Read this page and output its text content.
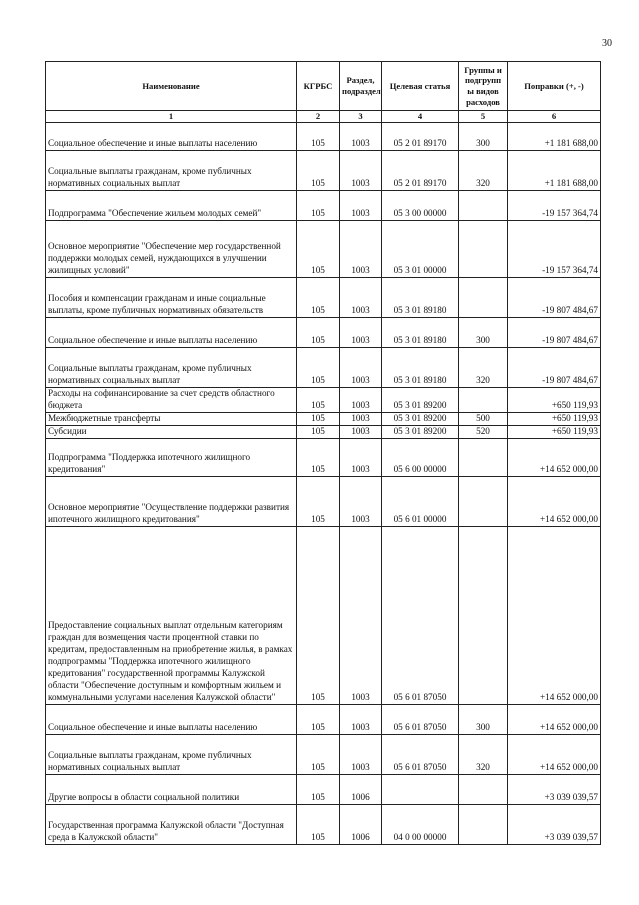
30
Наименование	КГРБС	Раздел, подраздел	Целевая статья	Группы и подгрупп ы видов расходов	Поправки (+, -)
1	2	3	4	5	6
Социальное обеспечение и иные выплаты населению	105	1003	05 2 01 89170	300	+1 181 688,00
Социальные выплаты гражданам, кроме публичных нормативных социальных выплат	105	1003	05 2 01 89170	320	+1 181 688,00
Подпрограмма "Обеспечение жильем молодых семей"	105	1003	05 3 00 00000		-19 157 364,74
Основное мероприятие "Обеспечение мер государственной поддержки молодых семей, нуждающихся в улучшении жилищных условий"	105	1003	05 3 01 00000		-19 157 364,74
Пособия и компенсации гражданам и иные социальные выплаты, кроме публичных нормативных обязательств	105	1003	05 3 01 89180		-19 807 484,67
Социальное обеспечение и иные выплаты населению	105	1003	05 3 01 89180	300	-19 807 484,67
Социальные выплаты гражданам, кроме публичных нормативных социальных выплат	105	1003	05 3 01 89180	320	-19 807 484,67
Расходы на софинансирование за счет средств областного бюджета	105	1003	05 3 01 89200		+650 119,93
Межбюджетные трансферты	105	1003	05 3 01 89200	500	+650 119,93
Субсидии	105	1003	05 3 01 89200	520	+650 119,93
Подпрограмма "Поддержка ипотечного жилищного кредитования"	105	1003	05 6 00 00000		+14 652 000,00
Основное мероприятие "Осуществление поддержки развития ипотечного жилищного кредитования"	105	1003	05 6 01 00000		+14 652 000,00
Предоставление социальных выплат отдельным категориям граждан для возмещения части процентной ставки по кредитам, предоставленным на приобретение жилья, в рамках подпрограммы "Поддержка ипотечного жилищного кредитования" государственной программы Калужской области "Обеспечение доступным и комфортным жильем и коммунальными услугами населения Калужской области"	105	1003	05 6 01 87050		+14 652 000,00
Социальное обеспечение и иные выплаты населению	105	1003	05 6 01 87050	300	+14 652 000,00
Социальные выплаты гражданам, кроме публичных нормативных социальных выплат	105	1003	05 6 01 87050	320	+14 652 000,00
Другие вопросы в области социальной политики	105	1006			+3 039 039,57
Государственная программа Калужской области "Доступная среда в Калужской области"	105	1006	04 0 00 00000		+3 039 039,57
